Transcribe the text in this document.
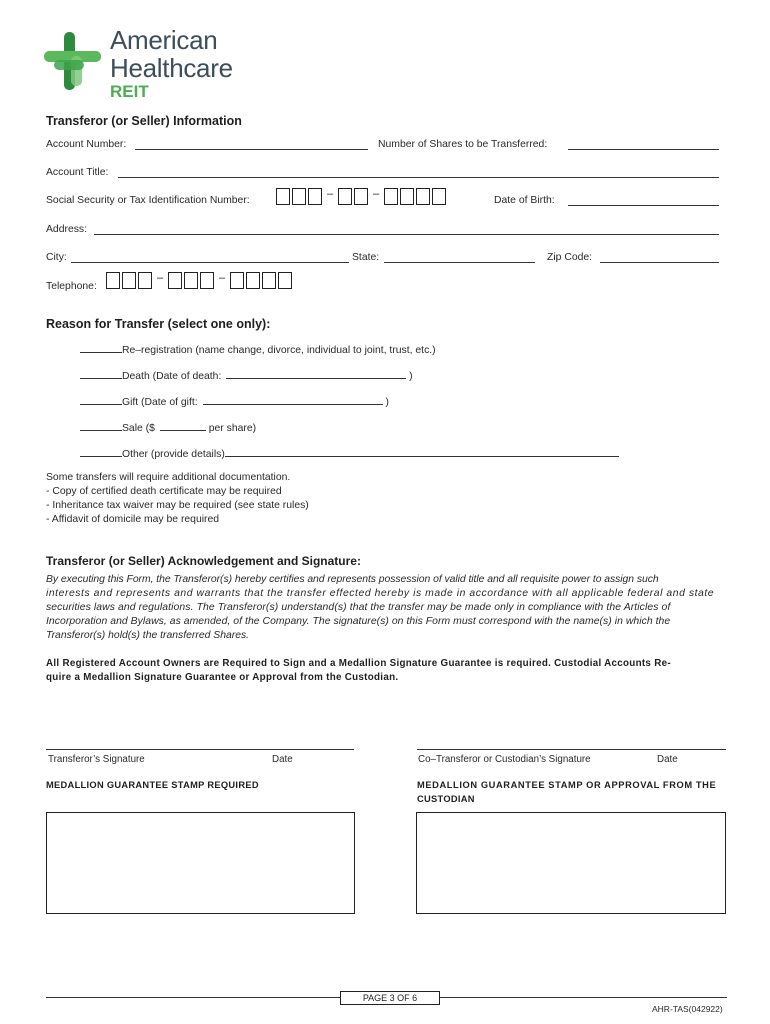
American
Healthcare
REIT
Transferor (or Seller) Information
Account Number:	Number of Shares to be Transferred:
Account Title:
Social Security or Tax Identification Number:
–	–
Date of Birth:
Address:
City:	State:	Zip Code:
Telephone:
–	–
Reason for Transfer (select one only):
Re–registration (name change, divorce, individual to joint, trust, etc.)
Death (Date of death:	)
Gift (Date of gift:	)
Sale ($	per share)
Other (provide details)
Some transfers will require additional documentation.
- Copy of certified death certificate may be required
- Inheritance tax waiver may be required (see state rules)
- Affidavit of domicile may be required
Transferor (or Seller) Acknowledgement and Signature:
By executing this Form, the Transferor(s) hereby certifies and represents possession of valid title and all requisite power to assign such
interests and represents and warrants that the transfer effected hereby is made in accordance with all applicable federal and state
securities laws and regulations. The Transferor(s) understand(s) that the transfer may be made only in compliance with the Articles of
Incorporation and Bylaws, as amended, of the Company. The signature(s) on this Form must correspond with the name(s) in which the
Transferor(s) hold(s) the transferred Shares.
All Registered Account Owners are Required to Sign and a Medallion Signature Guarantee is required. Custodial Accounts Re-
quire a Medallion Signature Guarantee or Approval from the Custodian.
Transferor’s Signature	Date	Co–Transferor or Custodian’s Signature	Date
MEDALLION GUARANTEE STAMP REQUIRED	MEDALLION GUARANTEE STAMP OR APPROVAL FROM THE
CUSTODIAN
PAGE 3 OF 6
AHR-TAS(042922)
